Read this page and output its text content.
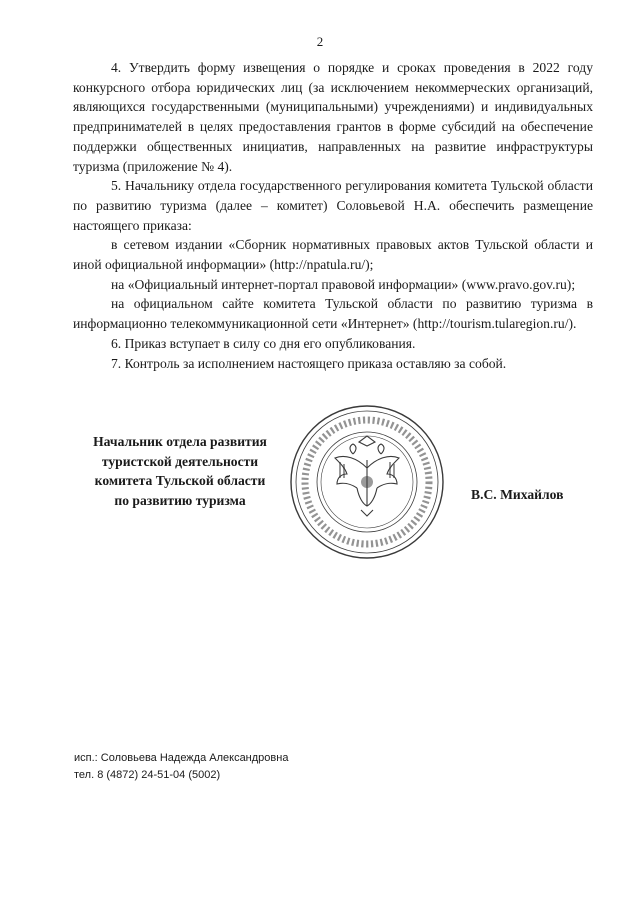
2

4. Утвердить форму извещения о порядке и сроках проведения в 2022 году конкурсного отбора юридических лиц (за исключением некоммерческих организаций, являющихся государственными (муниципальными) учреждениями) и индивидуальных предпринимателей в целях предоставления грантов в форме субсидий на обеспечение поддержки общественных инициатив, направленных на развитие инфраструктуры туризма (приложение № 4).

5. Начальнику отдела государственного регулирования комитета Тульской области по развитию туризма (далее – комитет) Соловьевой Н.А. обеспечить размещение настоящего приказа:

в сетевом издании «Сборник нормативных правовых актов Тульской области и иной официальной информации» (http://npatula.ru/);

на «Официальный интернет-портал правовой информации» (www.pravo.gov.ru);

на официальном сайте комитета Тульской области по развитию туризма в информационно телекоммуникационной сети «Интернет» (http://tourism.tularegion.ru/).

6. Приказ вступает в силу со дня его опубликования.

7. Контроль за исполнением настоящего приказа оставляю за собой.

Начальник отдела развития
туристской деятельности
комитета Тульской области
по развитию туризма	В.С. Михайлов
исп.: Соловьева Надежда Александровна
тел. 8 (4872) 24-51-04 (5002)
